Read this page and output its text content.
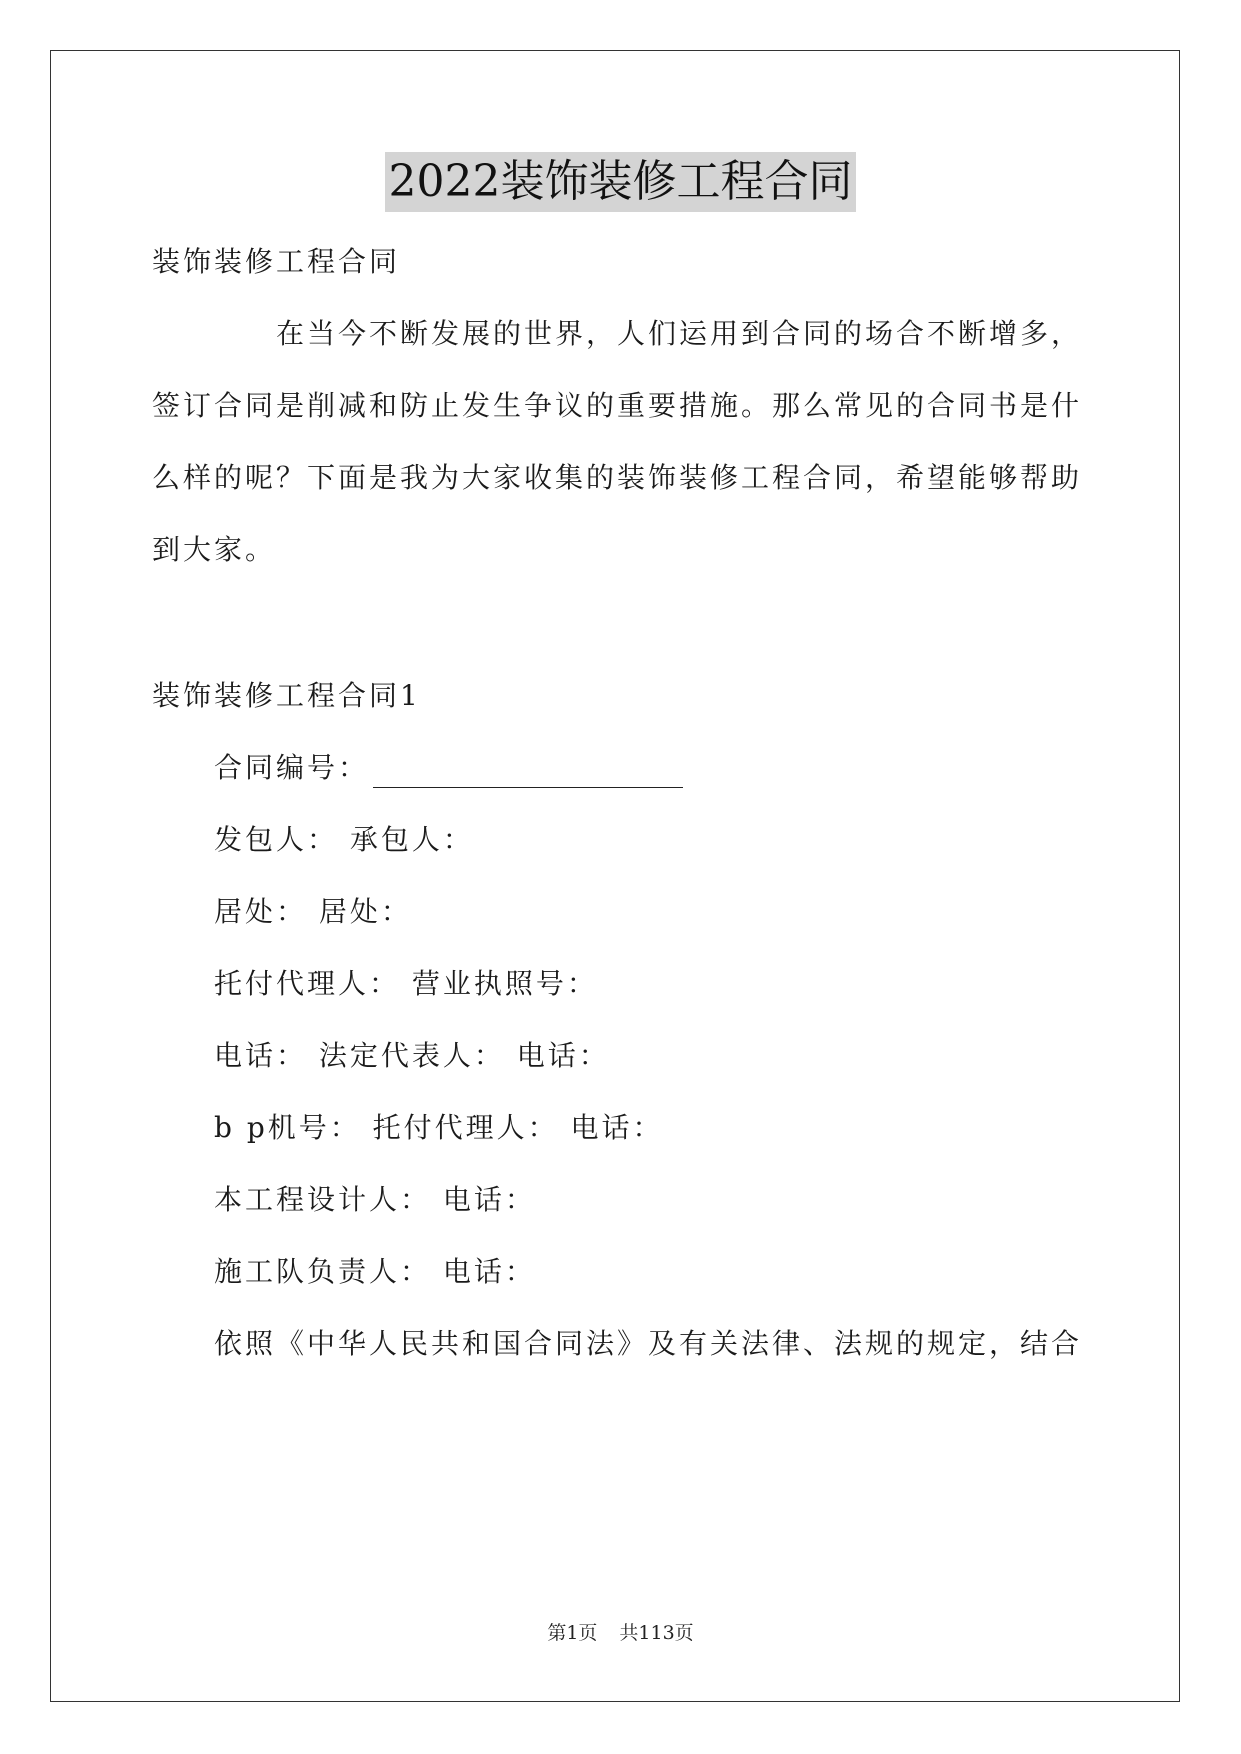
2022装饰装修工程合同
装饰装修工程合同
在当今不断发展的世界，人们运用到合同的场合不断增多，
签订合同是削减和防止发生争议的重要措施。那么常见的合同书是什
么样的呢？下面是我为大家收集的装饰装修工程合同，希望能够帮助
到大家。
装饰装修工程合同1
合同编号：
发包人： 承包人：
居处： 居处：
托付代理人： 营业执照号：
电话： 法定代表人： 电话：
b p机号： 托付代理人： 电话：
本工程设计人： 电话：
施工队负责人： 电话：
依照《中华人民共和国合同法》及有关法律、法规的规定，结合
第1页 共113页
